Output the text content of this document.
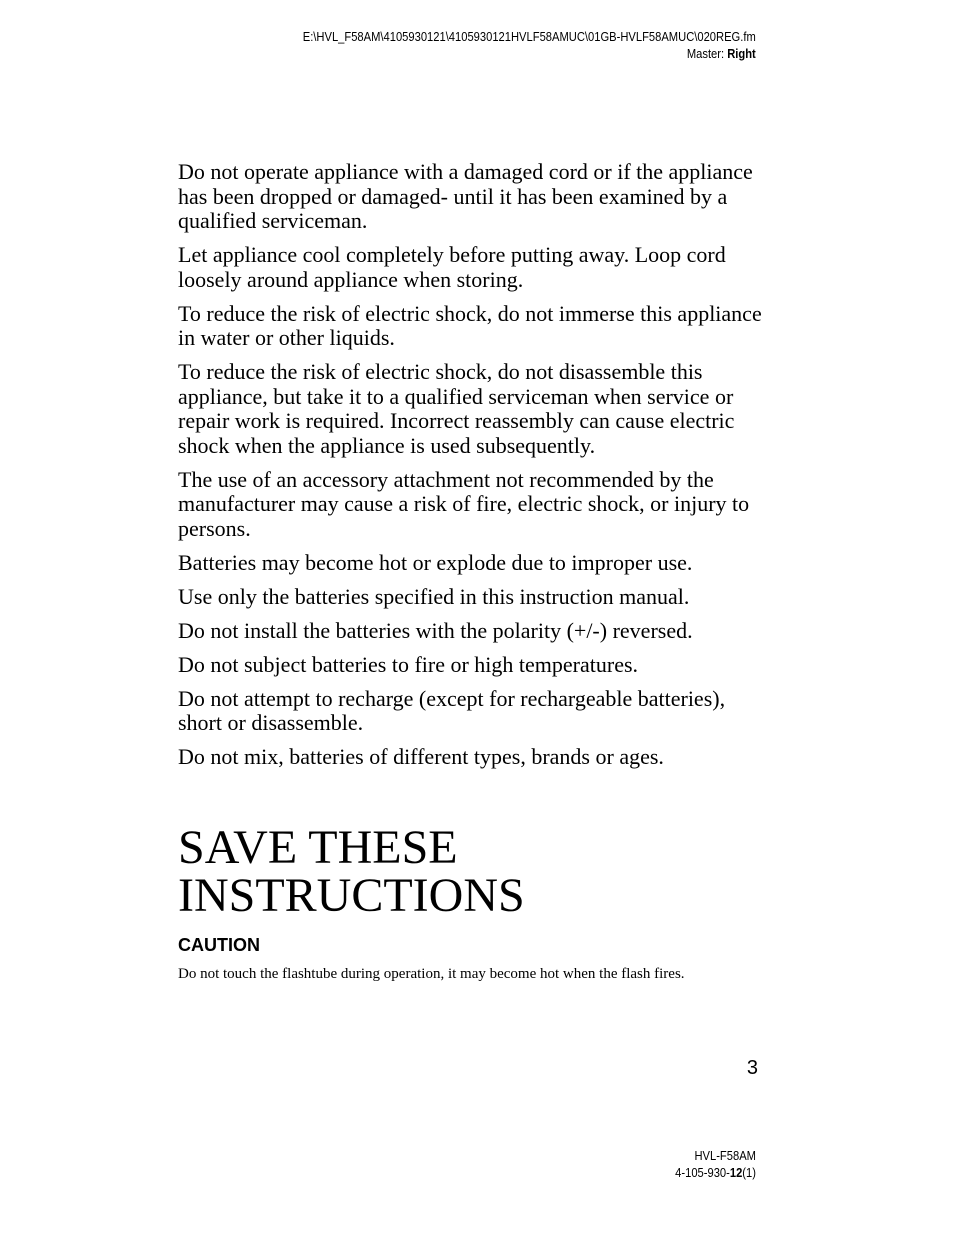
E:\HVL_F58AM\4105930121\4105930121HVLF58AMUC\01GB-HVLF58AMUC\020REG.fm
Master: Right

Do not operate appliance with a damaged cord or if the appliance has been dropped or damaged- until it has been examined by a qualified serviceman.

Let appliance cool completely before putting away. Loop cord loosely around appliance when storing.

To reduce the risk of electric shock, do not immerse this appliance in water or other liquids.

To reduce the risk of electric shock, do not disassemble this appliance, but take it to a qualified serviceman when service or repair work is required. Incorrect reassembly can cause electric shock when the appliance is used subsequently.

The use of an accessory attachment not recommended by the manufacturer may cause a risk of fire, electric shock, or injury to persons.

Batteries may become hot or explode due to improper use.

Use only the batteries specified in this instruction manual.

Do not install the batteries with the polarity (+/-) reversed.

Do not subject batteries to fire or high temperatures.

Do not attempt to recharge (except for rechargeable batteries), short or disassemble.

Do not mix, batteries of different types, brands or ages.

SAVE THESE
INSTRUCTIONS
CAUTION

Do not touch the flashtube during operation, it may become hot when the flash fires.

3
HVL-F58AM
4-105-930-12(1)
